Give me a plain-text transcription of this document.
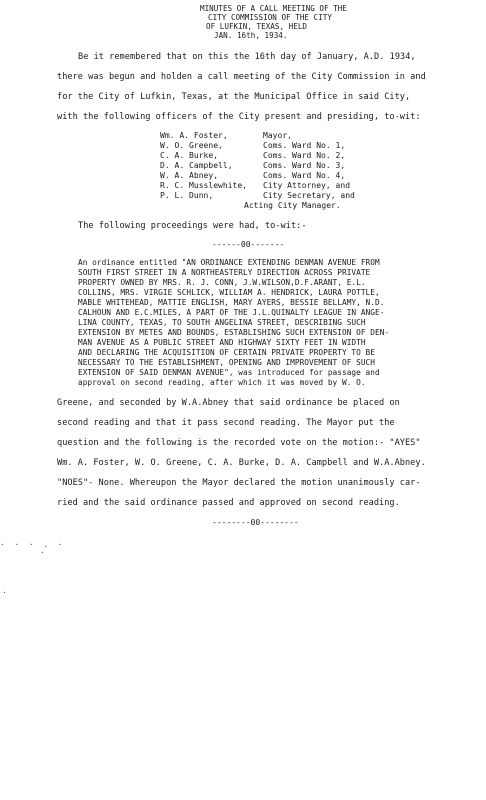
MINUTES OF A CALL MEETING OF THE
CITY COMMISSION OF THE CITY
OF LUFKIN, TEXAS, HELD
JAN. 16th, 1934.
Be it remembered that on this the 16th day of January, A.D. 1934,
there was begun and holden a call meeting of the City Commission in and
for the City of Lufkin, Texas, at the Municipal Office in said City,
with the following officers of the City present and presiding, to-wit:
Wm. A. Foster,	Mayor,
W. O. Greene,	Coms. Ward No. 1,
C. A. Burke,	Coms. Ward No. 2,
D. A. Campbell,	Coms. Ward No. 3,
W. A. Abney,	Coms. Ward No. 4,
R. C. Musslewhite, City Attorney, and
P. L. Dunn,	City Secretary, and
Acting City Manager.
The following proceedings were had, to-wit:-
------00-------
An ordinance entitled "AN ORDINANCE EXTENDING DENMAN AVENUE FROM
SOUTH FIRST STREET IN A NORTHEASTERLY DIRECTION ACROSS PRIVATE
PROPERTY OWNED BY MRS. R. J. CONN, J.W.WILSON,D.F.ARANT, E.L.
COLLINS, MRS. VIRGIE SCHLICK, WILLIAM A. HENDRICK, LAURA POTTLE,
MABLE WHITEHEAD, MATTIE ENGLISH, MARY AYERS, BESSIE BELLAMY, N.D.
CALHOUN AND E.C.MILES, A PART OF THE J.L.QUINALTY LEAGUE IN ANGE-
LINA COUNTY, TEXAS, TO SOUTH ANGELINA STREET, DESCRIBING SUCH
EXTENSION BY METES AND BOUNDS, ESTABLISHING SUCH EXTENSION OF DEN-
MAN AVENUE AS A PUBLIC STREET AND HIGHWAY SIXTY FEET IN WIDTH
AND DECLARING THE ACQUISITION OF CERTAIN PRIVATE PROPERTY TO BE
NECESSARY TO THE ESTABLISHMENT, OPENING AND IMPROVEMENT OF SUCH
EXTENSION OF SAID DENMAN AVENUE", was introduced for passage and
approval on second reading, after which it was moved by W. O.
Greene, and seconded by W.A.Abney that said ordinance be placed on
second reading and that it pass second reading. The Mayor put the
question and the following is the recorded vote on the motion:- "AYES"
Wm. A. Foster, W. O. Greene, C. A. Burke, D. A. Campbell and W.A.Abney.
"NOES"- None. Whereupon the Mayor declared the motion unanimously car-
ried and the said ordinance passed and approved on second reading.
--------00--------
·  ·  ·  .  ·
·
·
